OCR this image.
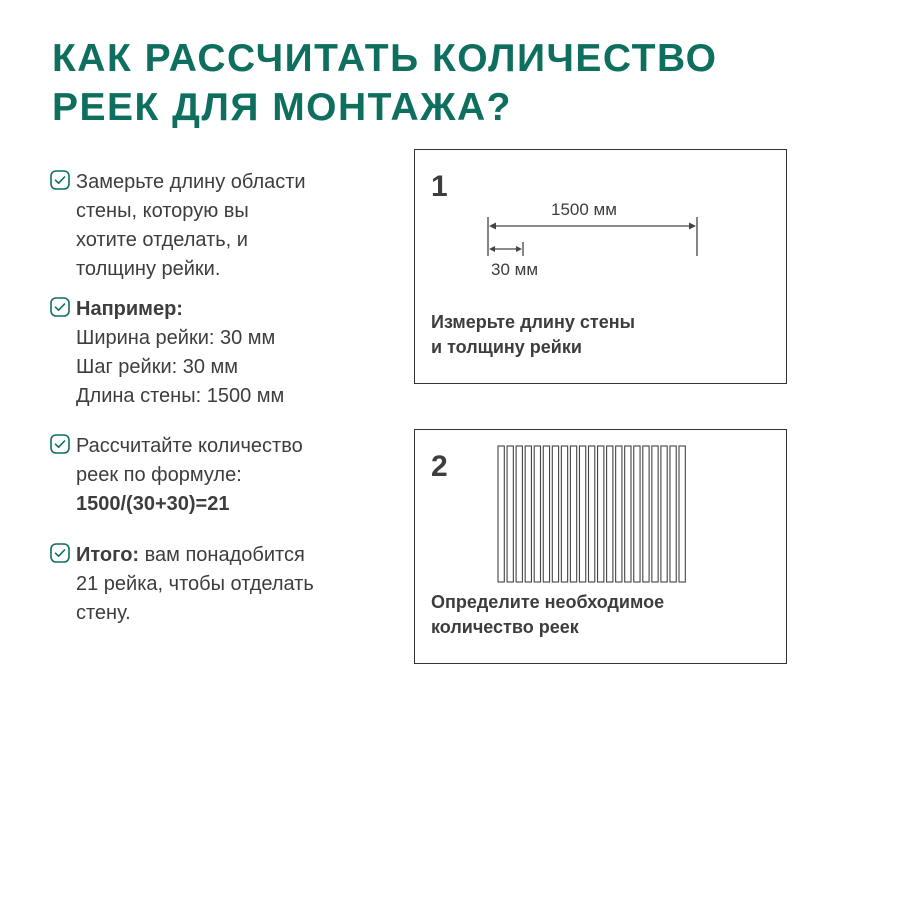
КАК РАССЧИТАТЬ КОЛИЧЕСТВО
РЕЕК ДЛЯ МОНТАЖА?
Замерьте длину области
стены, которую вы
хотите отделать, и
толщину рейки.
Например:
Ширина рейки: 30 мм
Шаг рейки: 30 мм
Длина стены: 1500 мм
Рассчитайте количество
реек по формуле:
1500/(30+30)=21
Итого: вам понадобится
21 рейка, чтобы отделать
стену.
1
1500 мм
30 мм
Измерьте длину стены
и толщину рейки
2
Определите необходимое
количество реек
